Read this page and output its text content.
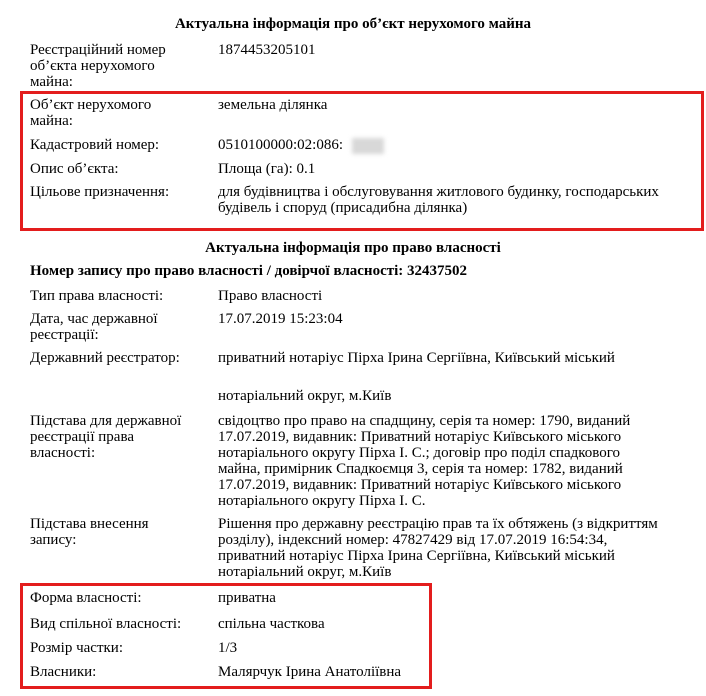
Актуальна інформація про об’єкт нерухомого майна
Реєстраційний номер
об’єкта нерухомого
майна:
1874453205101
Об’єкт нерухомого
майна:
земельна ділянка
Кадастровий номер:	0510100000:02:086:
Опис об’єкта:	Площа (га): 0.1
Цільове призначення:	для будівництва і обслуговування житлового будинку, господарських
будівель і споруд (присадибна ділянка)
Актуальна інформація про право власності
Номер запису про право власності / довірчої власності: 32437502
Тип права власності:	Право власності
Дата, час державної
реєстрації:
17.07.2019 15:23:04
Державний реєстратор:	приватний нотаріус Пірха Ірина Сергіївна, Київський міський
нотаріальний округ, м.Київ
Підстава для державної
реєстрації права
власності:
свідоцтво про право на спадщину, серія та номер: 1790, виданий
17.07.2019, видавник: Приватний нотаріус Київського міського
нотаріального округу Пірха І. С.; договір про поділ спадкового
майна, примірник Спадкоємця 3, серія та номер: 1782, виданий
17.07.2019, видавник: Приватний нотаріус Київського міського
нотаріального округу Пірха І. С.
Підстава внесення
запису:
Рішення про державну реєстрацію прав та їх обтяжень (з відкриттям
розділу), індексний номер: 47827429 від 17.07.2019 16:54:34,
приватний нотаріус Пірха Ірина Сергіївна, Київський міський
нотаріальний округ, м.Київ
Форма власності:	приватна
Вид спільної власності: спільна часткова
Розмір частки:	1/3
Власники:	Малярчук Ірина Анатоліївна
